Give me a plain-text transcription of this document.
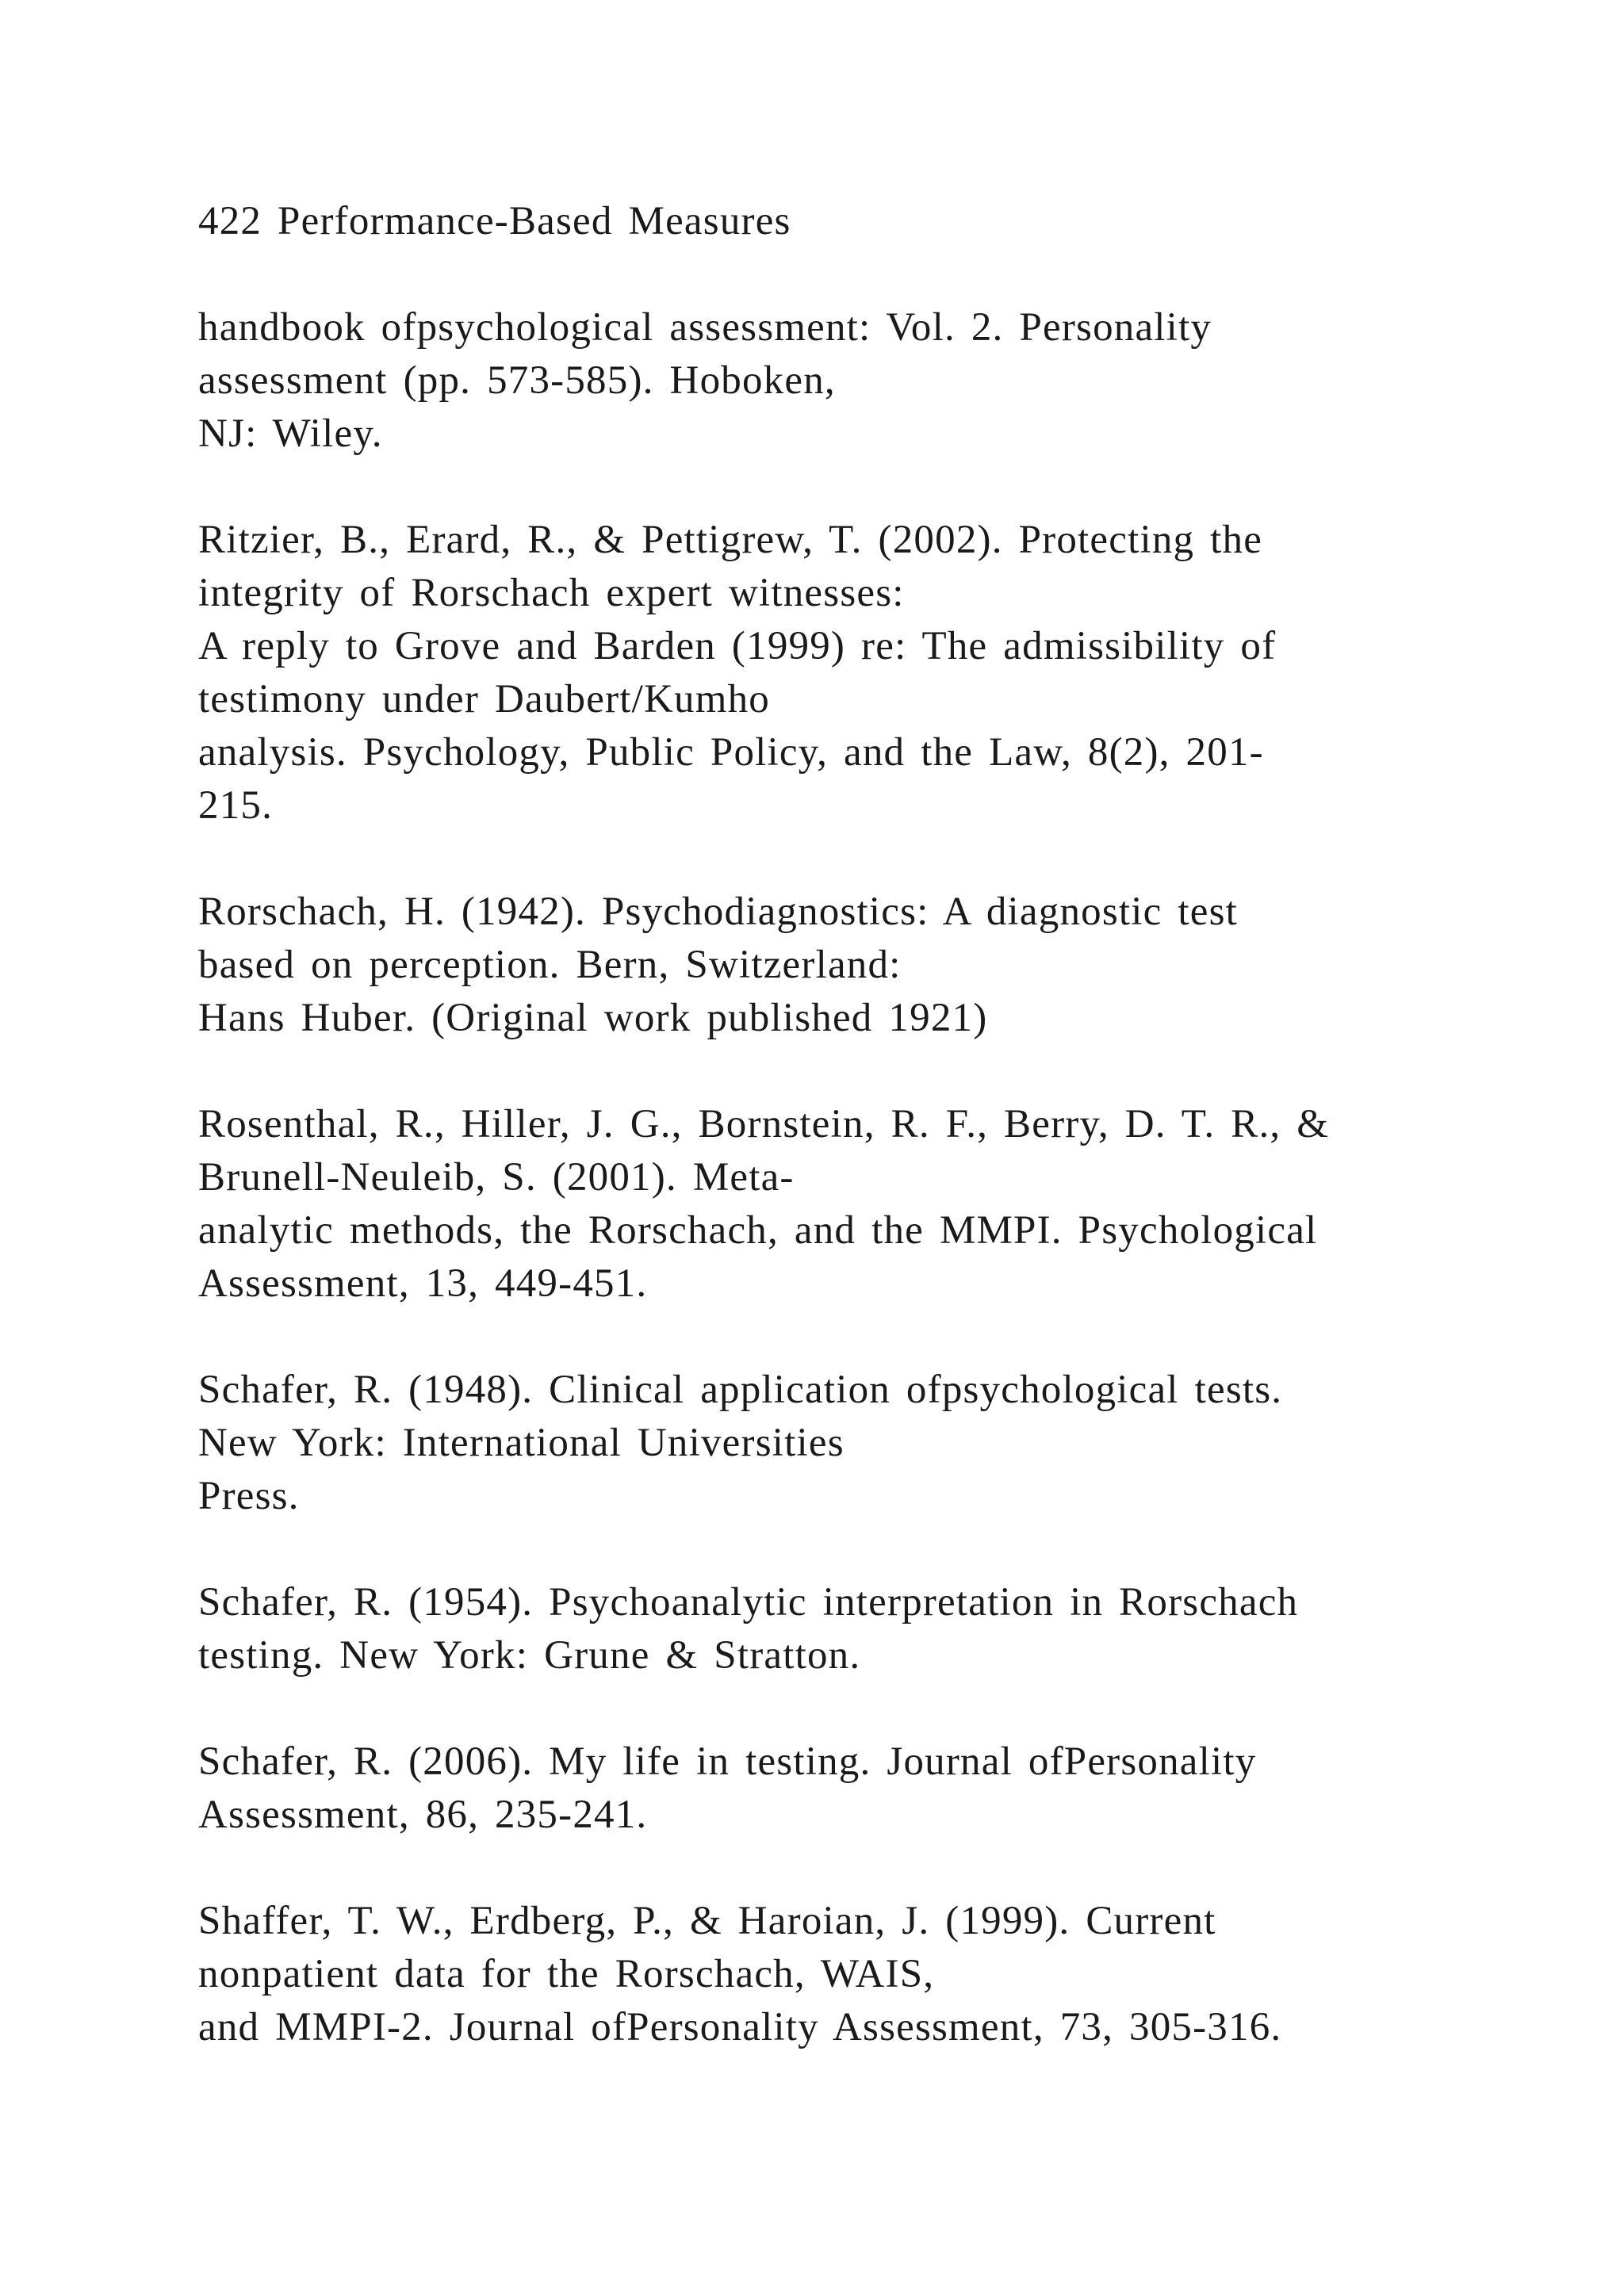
422 Performance-Based Measures
handbook ofpsychological assessment: Vol. 2. Personality
assessment (pp. 573-585). Hoboken,
NJ: Wiley.
Ritzier, B., Erard, R., & Pettigrew, T. (2002). Protecting the
integrity of Rorschach expert witnesses:
A reply to Grove and Barden (1999) re: The admissibility of
testimony under Daubert/Kumho
analysis. Psychology, Public Policy, and the Law, 8(2), 201-
215.
Rorschach, H. (1942). Psychodiagnostics: A diagnostic test
based on perception. Bern, Switzerland:
Hans Huber. (Original work published 1921)
Rosenthal, R., Hiller, J. G., Bornstein, R. F., Berry, D. T. R., &
Brunell-Neuleib, S. (2001). Meta-
analytic methods, the Rorschach, and the MMPI. Psychological
Assessment, 13, 449-451.
Schafer, R. (1948). Clinical application ofpsychological tests.
New York: International Universities
Press.
Schafer, R. (1954). Psychoanalytic interpretation in Rorschach
testing. New York: Grune & Stratton.
Schafer, R. (2006). My life in testing. Journal ofPersonality
Assessment, 86, 235-241.
Shaffer, T. W., Erdberg, P., & Haroian, J. (1999). Current
nonpatient data for the Rorschach, WAIS,
and MMPI-2. Journal ofPersonality Assessment, 73, 305-316.
